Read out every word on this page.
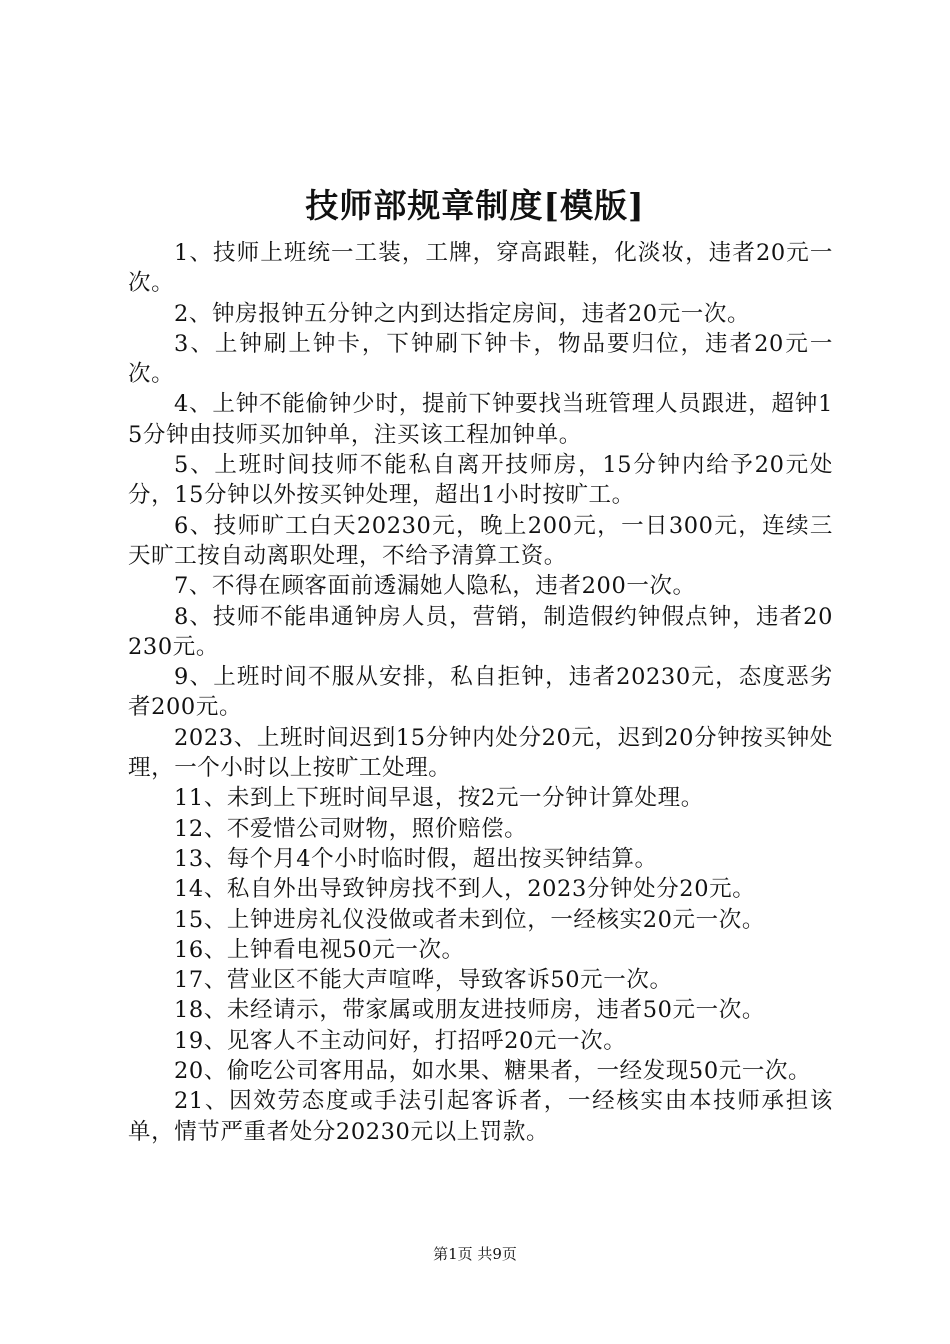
技师部规章制度[模版]

1、技师上班统一工装，工牌，穿高跟鞋，化淡妆，违者20元一次。

2、钟房报钟五分钟之内到达指定房间，违者20元一次。

3、上钟刷上钟卡，下钟刷下钟卡，物品要归位，违者20元一次。

4、上钟不能偷钟少时，提前下钟要找当班管理人员跟进，超钟15分钟由技师买加钟单，注买该工程加钟单。

5、上班时间技师不能私自离开技师房，15分钟内给予20元处分，15分钟以外按买钟处理，超出1小时按旷工。

6、技师旷工白天20230元，晚上200元，一日300元，连续三天旷工按自动离职处理，不给予清算工资。

7、不得在顾客面前透漏她人隐私，违者200一次。

8、技师不能串通钟房人员，营销，制造假约钟假点钟，违者20230元。

9、上班时间不服从安排，私自拒钟，违者20230元，态度恶劣者200元。

2023、上班时间迟到15分钟内处分20元，迟到20分钟按买钟处理，一个小时以上按旷工处理。

11、未到上下班时间早退，按2元一分钟计算处理。

12、不爱惜公司财物，照价赔偿。

13、每个月4个小时临时假，超出按买钟结算。

14、私自外出导致钟房找不到人，2023分钟处分20元。

15、上钟进房礼仪没做或者未到位，一经核实20元一次。

16、上钟看电视50元一次。

17、营业区不能大声喧哗，导致客诉50元一次。

18、未经请示，带家属或朋友进技师房，违者50元一次。

19、见客人不主动问好，打招呼20元一次。

20、偷吃公司客用品，如水果、糖果者，一经发现50元一次。

21、因效劳态度或手法引起客诉者，一经核实由本技师承担该单，情节严重者处分20230元以上罚款。

第1页 共9页
